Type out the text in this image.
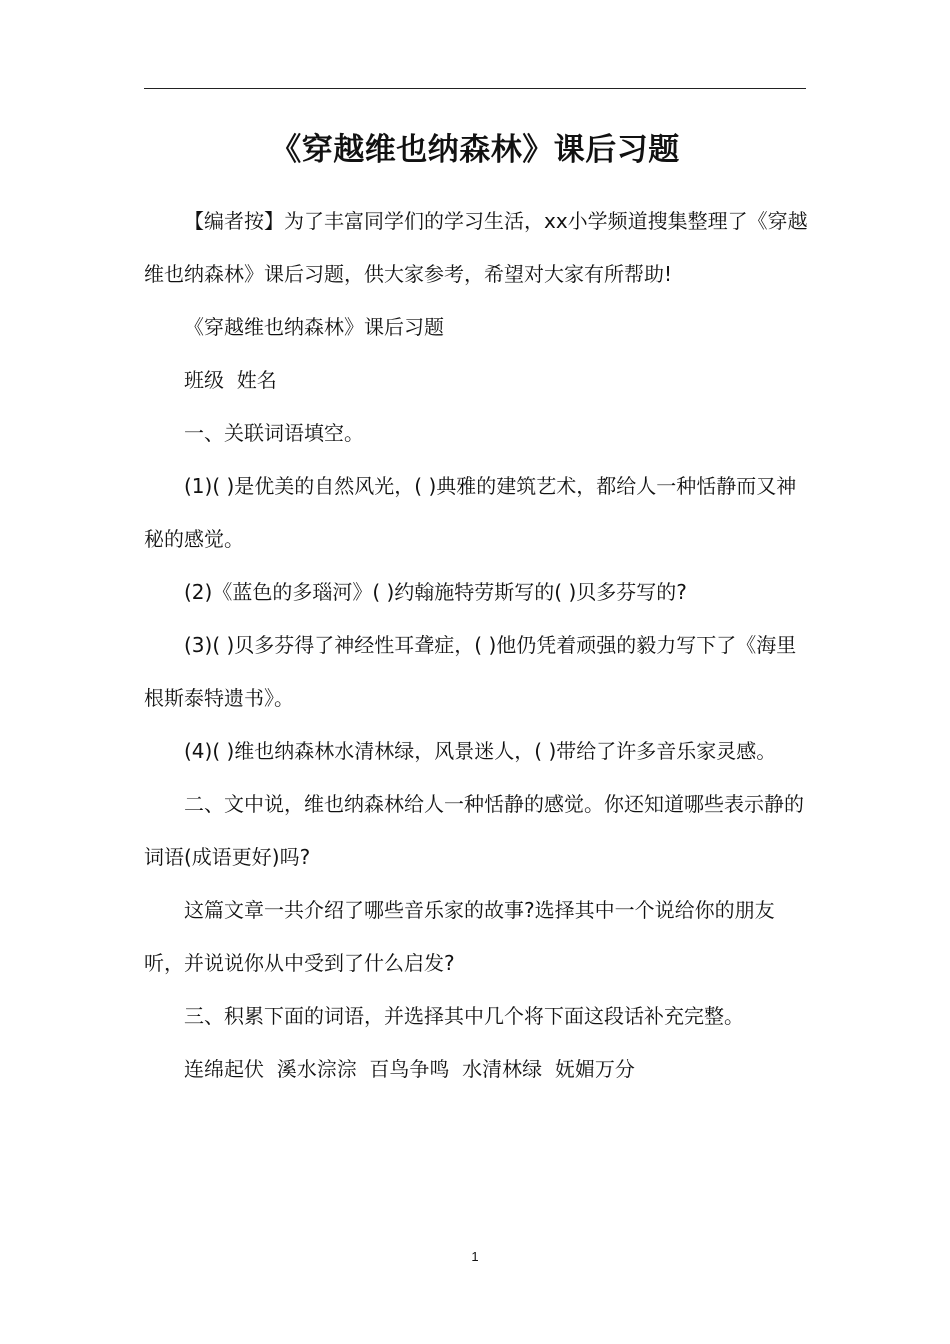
《穿越维也纳森林》课后习题

【编者按】为了丰富同学们的学习生活，xx小学频道搜集整理了《穿越维也纳森林》课后习题，供大家参考，希望对大家有所帮助!

《穿越维也纳森林》课后习题

班级  姓名

一、关联词语填空。

(1)( )是优美的自然风光，( )典雅的建筑艺术，都给人一种恬静而又神秘的感觉。

(2)《蓝色的多瑙河》( )约翰施特劳斯写的( )贝多芬写的?

(3)( )贝多芬得了神经性耳聋症，( )他仍凭着顽强的毅力写下了《海里根斯泰特遗书》。

(4)( )维也纳森林水清林绿，风景迷人，( )带给了许多音乐家灵感。

二、文中说，维也纳森林给人一种恬静的感觉。你还知道哪些表示静的词语(成语更好)吗?

这篇文章一共介绍了哪些音乐家的故事?选择其中一个说给你的朋友听，并说说你从中受到了什么启发?

三、积累下面的词语，并选择其中几个将下面这段话补充完整。

连绵起伏  溪水淙淙  百鸟争鸣  水清林绿  妩媚万分

1
